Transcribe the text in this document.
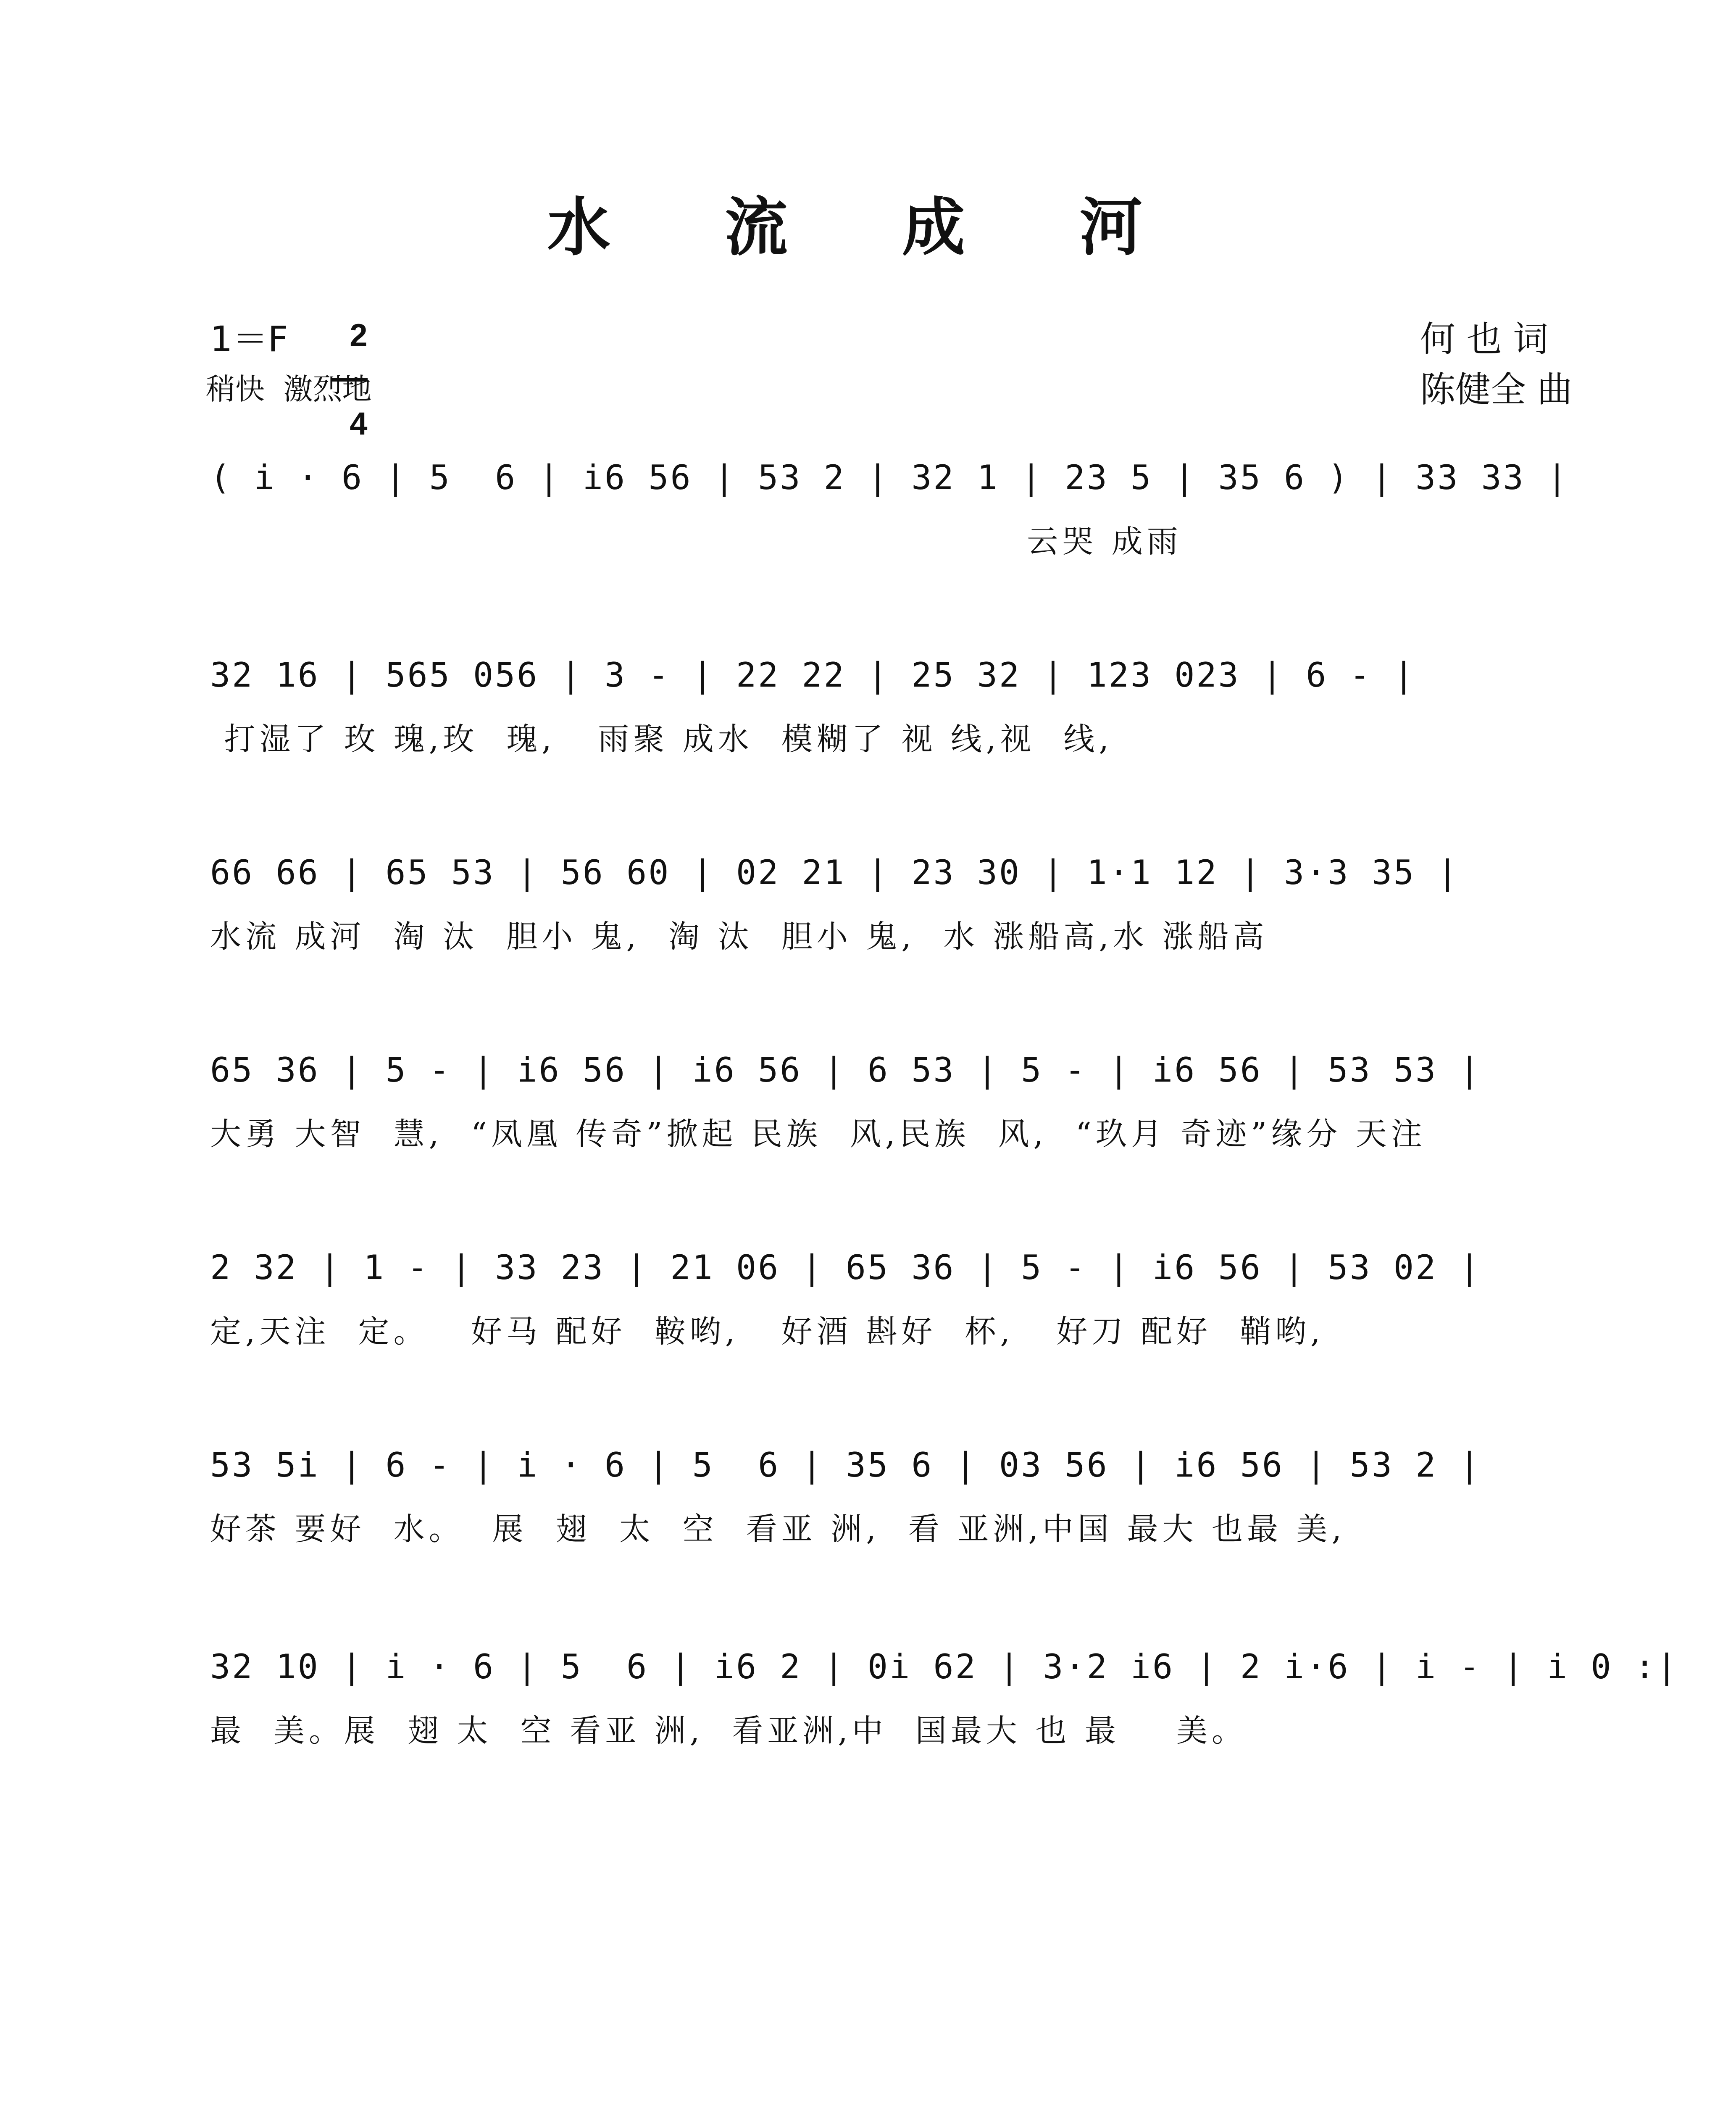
水 流 成 河
1＝F	2

4

稍快  激烈地
何 也 词
陈健全 曲
( i · 6 | 5  6 | i6 56 | 53 2 | 32 1 | 23 5 | 35 6 ) | 33 33 |
云哭 成雨
32 16 | 565 056 | 3 - | 22 22 | 25 32 | 123 023 | 6 - |
打湿了 玫 瑰,玫  瑰,   雨聚 成水  模糊了 视 线,视  线,
66 66 | 65 53 | 56 60 | 02 21 | 23 30 | 1·1 12 | 3·3 35 |
水流 成河  淘 汰  胆小 鬼,  淘 汰  胆小 鬼,  水 涨船高,水 涨船高
65 36 | 5 - | i6 56 | i6 56 | 6 53 | 5 - | i6 56 | 53 53 |
大勇 大智  慧,  “凤凰 传奇”掀起 民族  风,民族  风,  “玖月 奇迹”缘分 天注
2 32 | 1 - | 33 23 | 21 06 | 65 36 | 5 - | i6 56 | 53 02 |
定,天注  定。   好马 配好  鞍哟,   好酒 斟好  杯,   好刀 配好  鞘哟,
53 5i | 6 - | i · 6 | 5  6 | 35 6 | 03 56 | i6 56 | 53 2 |
好茶 要好  水。  展  翅  太  空  看亚 洲,  看 亚洲,中国 最大 也最 美,
32 10 | i · 6 | 5  6 | i6 2 | 0i 62 | 3·2 i6 | 2 i·6 | i - | i 0 :|
最  美。展  翅 太  空 看亚 洲,  看亚洲,中  国最大 也 最    美。
